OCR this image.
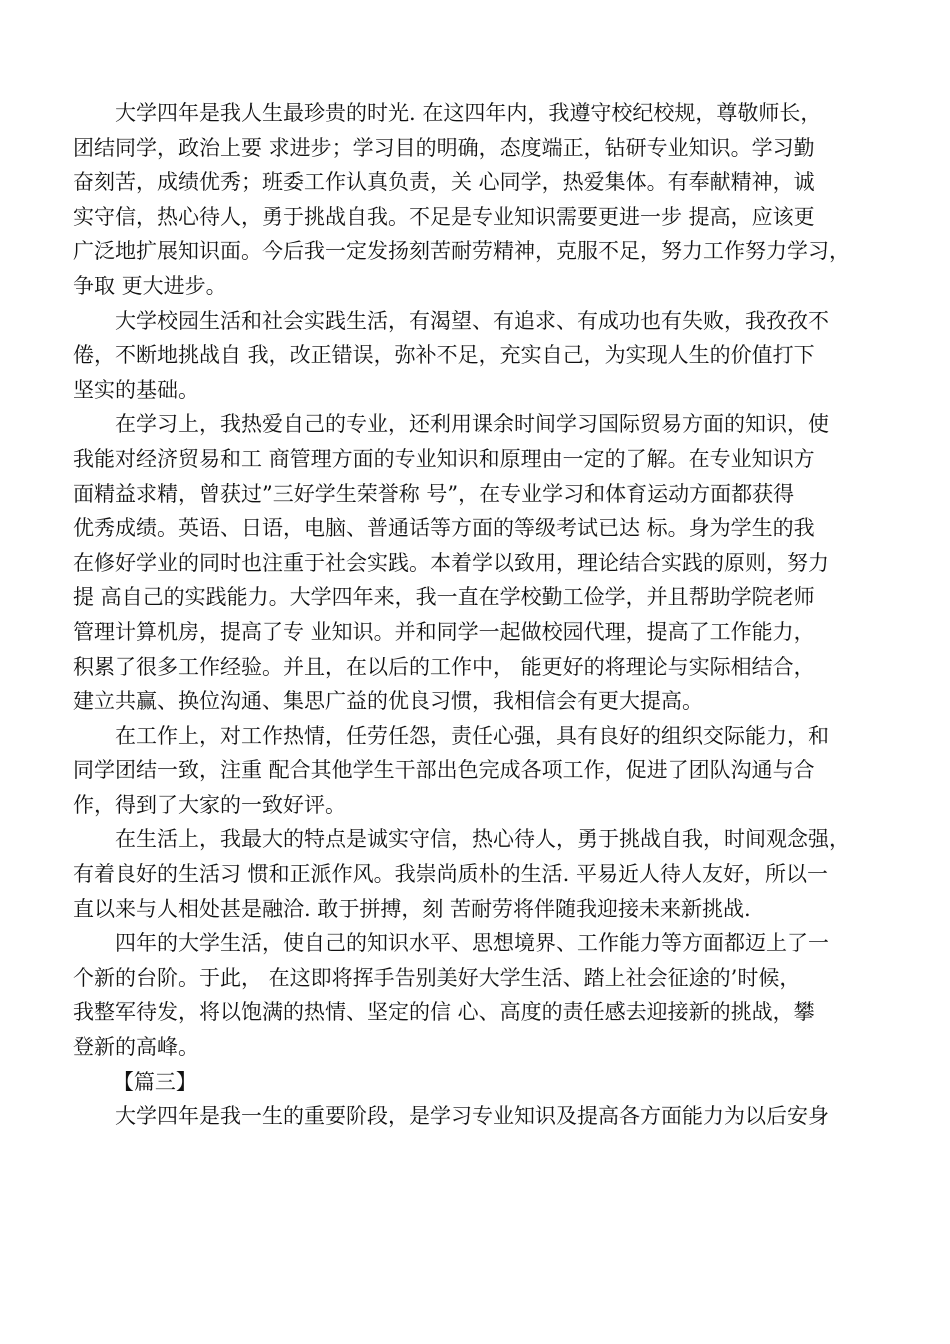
大学四年是我人生最珍贵的时光. 在这四年内，我遵守校纪校规，尊敬师长，
团结同学，政治上要 求进步；学习目的明确，态度端正，钻研专业知识。学习勤
奋刻苦，成绩优秀；班委工作认真负责，关 心同学，热爱集体。有奉献精神，诚
实守信，热心待人，勇于挑战自我。不足是专业知识需要更进一步 提高，应该更
广泛地扩展知识面。今后我一定发扬刻苦耐劳精神，克服不足，努力工作努力学习，
争取 更大进步。

大学校园生活和社会实践生活，有渴望、有追求、有成功也有失败，我孜孜不
倦，不断地挑战自 我，改正错误，弥补不足，充实自己，为实现人生的价值打下
坚实的基础。

在学习上，我热爱自己的专业，还利用课余时间学习国际贸易方面的知识，使
我能对经济贸易和工 商管理方面的专业知识和原理由一定的了解。在专业知识方
面精益求精，曾获过”三好学生荣誉称 号”，在专业学习和体育运动方面都获得
优秀成绩。英语、日语，电脑、普通话等方面的等级考试已达 标。身为学生的我
在修好学业的同时也注重于社会实践。本着学以致用，理论结合实践的原则，努力
提 高自己的实践能力。大学四年来，我一直在学校勤工俭学，并且帮助学院老师
管理计算机房，提高了专 业知识。并和同学一起做校园代理，提高了工作能力，
积累了很多工作经验。并且，在以后的工作中， 能更好的将理论与实际相结合，
建立共赢、换位沟通、集思广益的优良习惯，我相信会有更大提高。

在工作上，对工作热情，任劳任怨，责任心强，具有良好的组织交际能力，和
同学团结一致，注重 配合其他学生干部出色完成各项工作，促进了团队沟通与合
作，得到了大家的一致好评。

在生活上，我最大的特点是诚实守信，热心待人，勇于挑战自我，时间观念强，
有着良好的生活习 惯和正派作风。我崇尚质朴的生活. 平易近人待人友好，所以一
直以来与人相处甚是融洽. 敢于拼搏，刻 苦耐劳将伴随我迎接未来新挑战.

四年的大学生活，使自己的知识水平、思想境界、工作能力等方面都迈上了一
个新的台阶。于此， 在这即将挥手告别美好大学生活、踏上社会征途的’时候，
我整军待发，将以饱满的热情、坚定的信 心、高度的责任感去迎接新的挑战，攀
登新的高峰。

【篇三】

大学四年是我一生的重要阶段，是学习专业知识及提高各方面能力为以后安身
